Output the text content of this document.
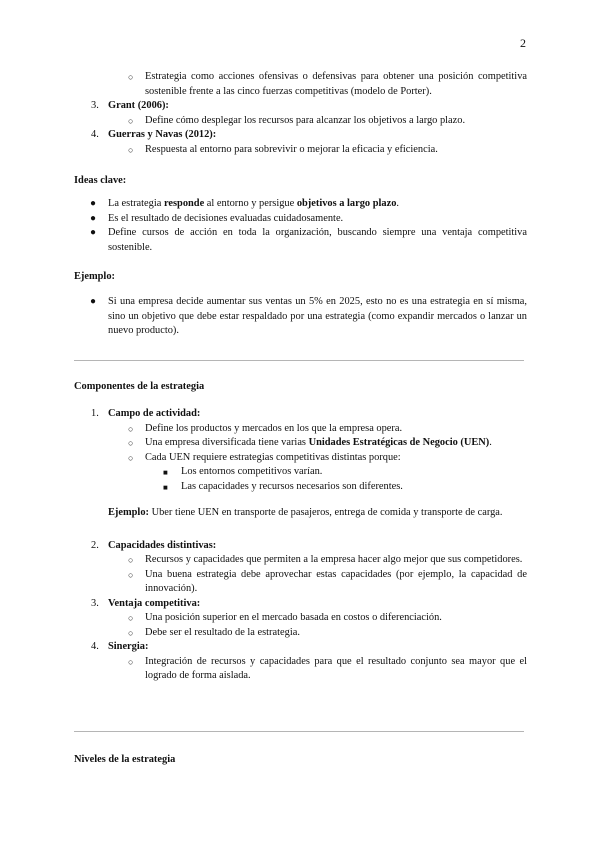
2
○ Estrategia como acciones ofensivas o defensivas para obtener una posición competitiva sostenible frente a las cinco fuerzas competitivas (modelo de Porter).
3. Grant (2006):
○ Define cómo desplegar los recursos para alcanzar los objetivos a largo plazo.
4. Guerras y Navas (2012):
○ Respuesta al entorno para sobrevivir o mejorar la eficacia y eficiencia.
Ideas clave:
● La estrategia responde al entorno y persigue objetivos a largo plazo.
● Es el resultado de decisiones evaluadas cuidadosamente.
● Define cursos de acción en toda la organización, buscando siempre una ventaja competitiva sostenible.
Ejemplo:
● Si una empresa decide aumentar sus ventas un 5% en 2025, esto no es una estrategia en sí misma, sino un objetivo que debe estar respaldado por una estrategia (como expandir mercados o lanzar un nuevo producto).
Componentes de la estrategia
1. Campo de actividad:
○ Define los productos y mercados en los que la empresa opera.
○ Una empresa diversificada tiene varias Unidades Estratégicas de Negocio (UEN).
○ Cada UEN requiere estrategias competitivas distintas porque:
■ Los entornos competitivos varían.
■ Las capacidades y recursos necesarios son diferentes.
Ejemplo: Uber tiene UEN en transporte de pasajeros, entrega de comida y transporte de carga.
2. Capacidades distintivas:
○ Recursos y capacidades que permiten a la empresa hacer algo mejor que sus competidores.
○ Una buena estrategia debe aprovechar estas capacidades (por ejemplo, la capacidad de innovación).
3. Ventaja competitiva:
○ Una posición superior en el mercado basada en costos o diferenciación.
○ Debe ser el resultado de la estrategia.
4. Sinergia:
○ Integración de recursos y capacidades para que el resultado conjunto sea mayor que el logrado de forma aislada.
Niveles de la estrategia
